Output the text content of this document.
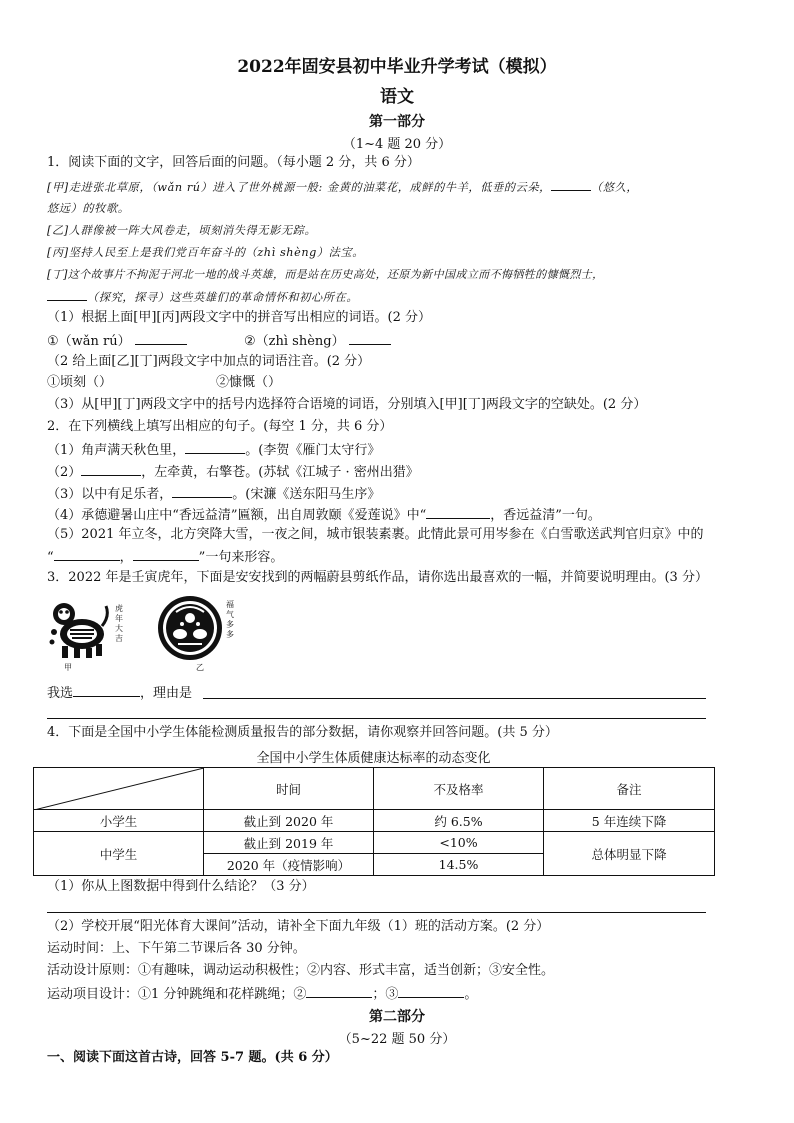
2022年固安县初中毕业升学考试（模拟）
语文
第一部分
（1~4 题 20 分）
1．阅读下面的文字，回答后面的问题。（每小题 2 分，共 6 分）
[甲]走进张北草原，（wǎn rú）进入了世外桃源一般: 金黄的油菜花，成鲜的牛羊，低垂的云朵，	（悠久，
悠远）的牧歌。
[乙]人群像被一阵大风卷走，顷刻消失得无影无踪。
[丙]坚持人民至上是我们党百年奋斗的（zhì shèng）法宝。
[丁]这个故事片不拘泥于河北一地的战斗英雄，而是站在历史高处，还原为新中国成立而不悔牺牲的慷慨烈士，
（探究，探寻）这些英雄们的革命情怀和初心所在。
（1）根据上面[甲][丙]两段文字中的拼音写出相应的词语。(2 分）
①（wǎn rú）	②（zhì shèng）
（2 给上面[乙][丁]两段文字中加点的词语注音。(2 分）
①顷刻（）	②慷慨（）
（3）从[甲][丁]两段文字中的括号内选择符合语境的词语，分别填入[甲][丁]两段文字的空缺处。(2 分）
2．在下列横线上填写出相应的句子。(每空 1 分，共 6 分）
（1）角声满天秋色里，	。(李贺《雁门太守行》
（2）	，左牵黄，右擎苍。(苏轼《江城子 · 密州出猎》
（3）以中有足乐者，	。(宋濂《送东阳马生序》
（4）承德避暑山庄中“香远益清”匾额，出自周敦颐《爱莲说》中“	，香远益清”一句。
（5）2021 年立冬，北方突降大雪，一夜之间，城市银装素裹。此情此景可用岑参在《白雪歌送武判官归京》中的
“	，	”一句来形容。
3．2022 年是壬寅虎年，下面是安安找到的两幅蔚县剪纸作品，请你选出最喜欢的一幅，并简要说明理由。(3 分）
虎年大吉
甲
福气多多
乙
我选	，理由是
4．下面是全国中小学生体能检测质量报告的部分数据，请你观察并回答问题。(共 5 分）
全国中小学生体质健康达标率的动态变化
	时间	不及格率	备注
小学生	截止到 2020 年	约 6.5%	5 年连续下降
中学生	截止到 2019 年	<10%	总体明显下降
	2020 年（疫情影响）	14.5%	
（1）你从上图数据中得到什么结论？（3 分）
（2）学校开展“阳光体育大课间”活动，请补全下面九年级（1）班的活动方案。(2 分）
运动时间：上、下午第二节课后各 30 分钟。
活动设计原则：①有趣味，调动运动积极性；②内容、形式丰富，适当创新；③安全性。
运动项目设计：①1 分钟跳绳和花样跳绳；②	；③	。
第二部分
（5~22 题 50 分）
一、阅读下面这首古诗，回答 5-7 题。(共 6 分）
